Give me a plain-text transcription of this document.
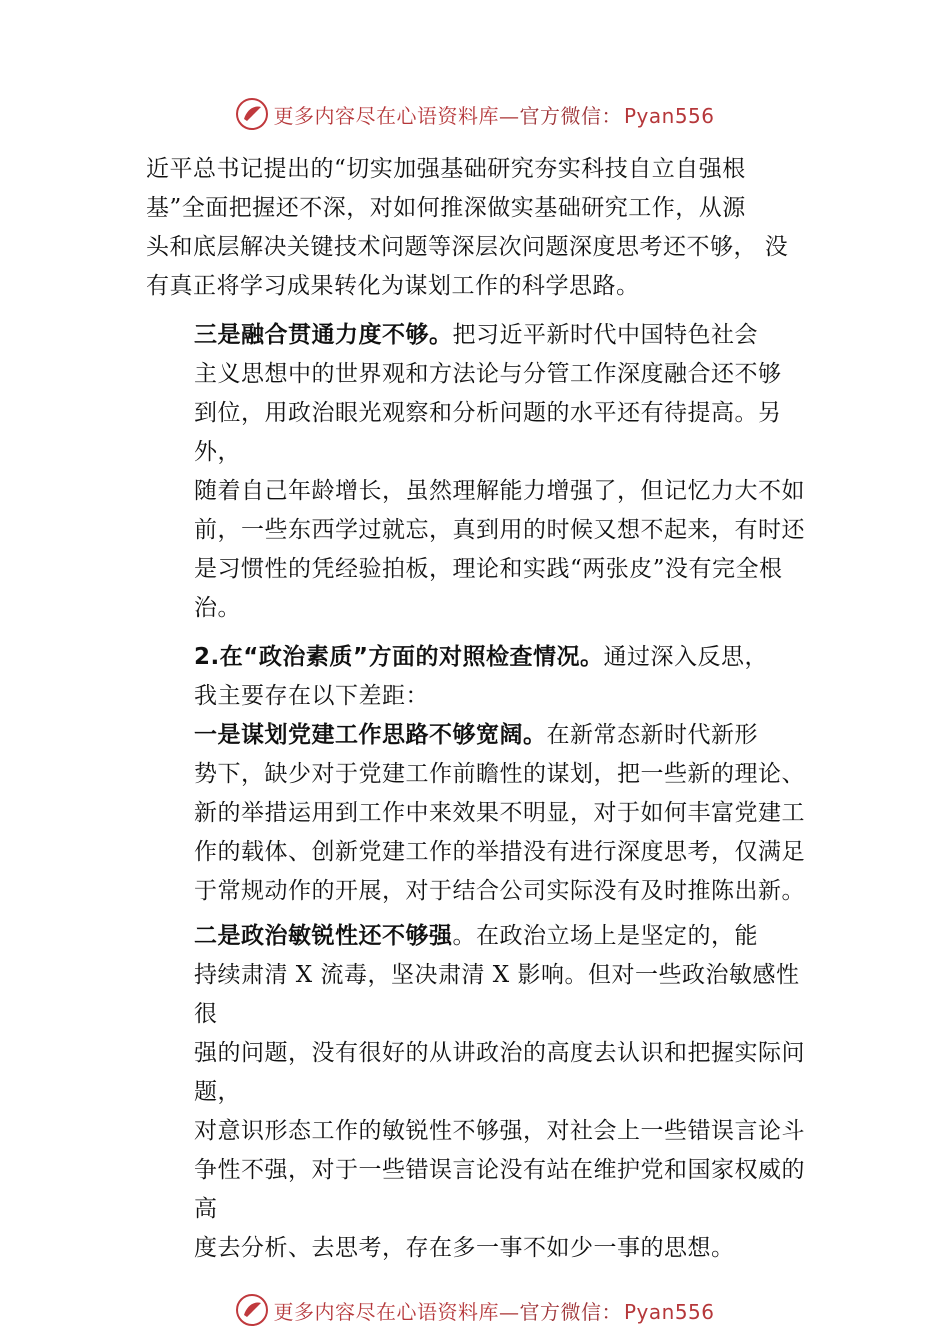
更多内容尽在心语资料库—官方微信： Pyan556

近平总书记提出的“切实加强基础研究夯实科技自立自强根
基”全面把握还不深，对如何推深做实基础研究工作，从源
头和底层解决关键技术问题等深层次问题深度思考还不够， 没
有真正将学习成果转化为谋划工作的科学思路。

三是融合贯通力度不够。把习近平新时代中国特色社会
主义思想中的世界观和方法论与分管工作深度融合还不够
到位，用政治眼光观察和分析问题的水平还有待提高。另外，
随着自己年龄增长，虽然理解能力增强了，但记忆力大不如
前，一些东西学过就忘，真到用的时候又想不起来，有时还
是习惯性的凭经验拍板，理论和实践“两张皮”没有完全根
治。

2.在“政治素质”方面的对照检查情况。通过深入反思，
我主要存在以下差距：

一是谋划党建工作思路不够宽阔。在新常态新时代新形
势下，缺少对于党建工作前瞻性的谋划，把一些新的理论、
新的举措运用到工作中来效果不明显，对于如何丰富党建工
作的载体、创新党建工作的举措没有进行深度思考，仅满足
于常规动作的开展，对于结合公司实际没有及时推陈出新。

二是政治敏锐性还不够强。在政治立场上是坚定的，能
持续肃清 X 流毒，坚决肃清 X 影响。但对一些政治敏感性很
强的问题，没有很好的从讲政治的高度去认识和把握实际问题，
对意识形态工作的敏锐性不够强，对社会上一些错误言论斗
争性不强，对于一些错误言论没有站在维护党和国家权威的高
度去分析、去思考，存在多一事不如少一事的思想。

更多内容尽在心语资料库—官方微信： Pyan556
